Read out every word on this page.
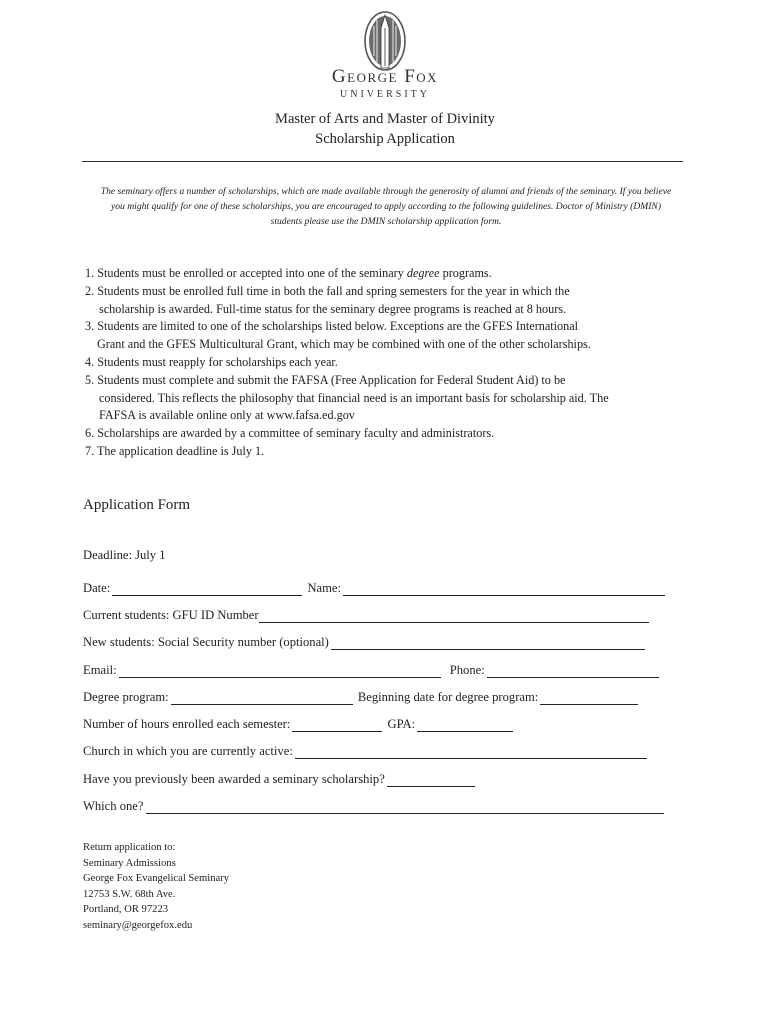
George Fox
UNIVERSITY
Master of Arts and Master of Divinity
Scholarship Application
The seminary offers a number of scholarships, which are made available through the generosity of alumni and friends of the seminary. If you believe
you might qualify for one of these scholarships, you are encouraged to apply according to the following guidelines. Doctor of Ministry (DMIN)
students please use the DMIN scholarship application form.
1. Students must be enrolled or accepted into one of the seminary degree programs.
2. Students must be enrolled full time in both the fall and spring semesters for the year in which the
scholarship is awarded. Full-time status for the seminary degree programs is reached at 8 hours.
3. Students are limited to one of the scholarships listed below. Exceptions are the GFES International
Grant and the GFES Multicultural Grant, which may be combined with one of the other scholarships.
4. Students must reapply for scholarships each year.
5. Students must complete and submit the FAFSA (Free Application for Federal Student Aid) to be
considered. This reflects the philosophy that financial need is an important basis for scholarship aid. The
FAFSA is available online only at www.fafsa.ed.gov
6. Scholarships are awarded by a committee of seminary faculty and administrators.
7. The application deadline is July 1.
Application Form
Deadline: July 1
Date:	Name:
Current students: GFU ID Number
New students: Social Security number (optional)
Email:	Phone:
Degree program:	Beginning date for degree program:
Number of hours enrolled each semester:	GPA:
Church in which you are currently active:
Have you previously been awarded a seminary scholarship?
Which one?
Return application to:
Seminary Admissions
George Fox Evangelical Seminary
12753 S.W. 68th Ave.
Portland, OR 97223
seminary@georgefox.edu
